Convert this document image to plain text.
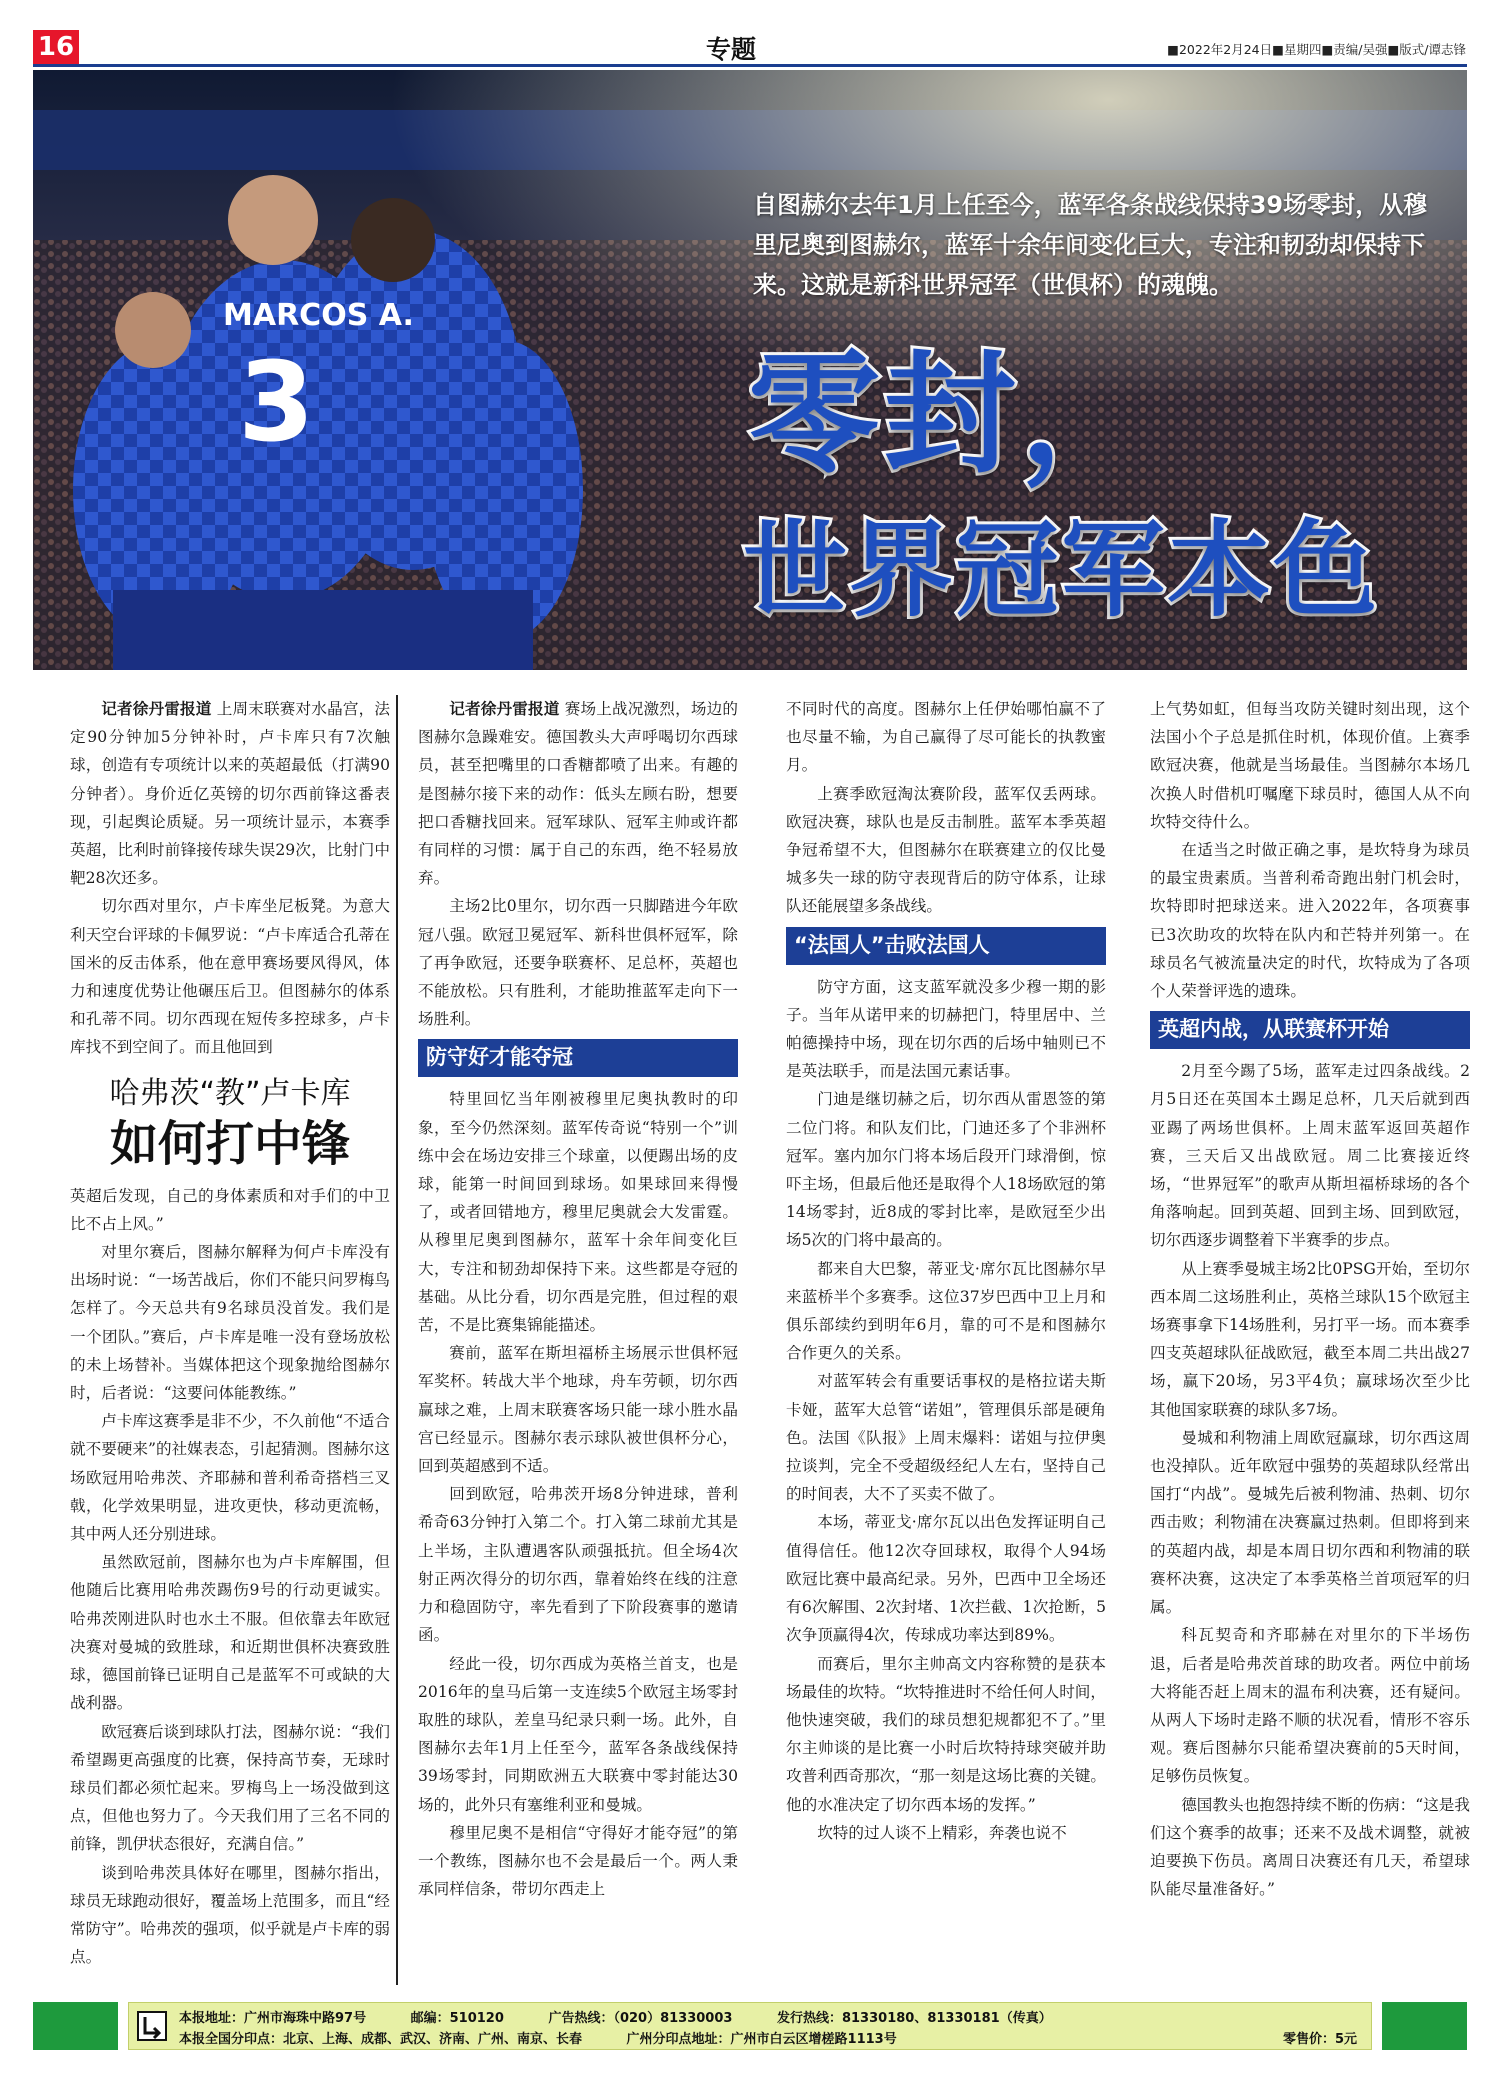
16	专题	■2022年2月24日■星期四■责编/吴强■版式/谭志锋
MARCOS A.
3
自图赫尔去年1月上任至今，蓝军各条战线保持39场零封，从穆里尼奥到图赫尔，蓝军十余年间变化巨大，专注和韧劲却保持下来。这就是新科世界冠军（世俱杯）的魂魄。
零封，
世界冠军本色

记者徐丹雷报道 上周末联赛对水晶宫，法定90分钟加5分钟补时，卢卡库只有7次触球，创造有专项统计以来的英超最低（打满90分钟者）。身价近亿英镑的切尔西前锋这番表现，引起舆论质疑。另一项统计显示，本赛季英超，比利时前锋接传球失误29次，比射门中靶28次还多。

切尔西对里尔，卢卡库坐尼板凳。为意大利天空台评球的卡佩罗说：“卢卡库适合孔蒂在国米的反击体系，他在意甲赛场要风得风，体力和速度优势让他碾压后卫。但图赫尔的体系和孔蒂不同。切尔西现在短传多控球多，卢卡库找不到空间了。而且他回到

哈弗茨“教”卢卡库
如何打中锋

英超后发现，自己的身体素质和对手们的中卫比不占上风。”

对里尔赛后，图赫尔解释为何卢卡库没有出场时说：“一场苦战后，你们不能只问罗梅鸟怎样了。今天总共有9名球员没首发。我们是一个团队。”赛后，卢卡库是唯一没有登场放松的未上场替补。当媒体把这个现象抛给图赫尔时，后者说：“这要问体能教练。”

卢卡库这赛季是非不少，不久前他“不适合就不要硬来”的社媒表态，引起猜测。图赫尔这场欧冠用哈弗茨、齐耶赫和普利希奇搭档三叉戟，化学效果明显，进攻更快，移动更流畅，其中两人还分别进球。

虽然欧冠前，图赫尔也为卢卡库解围，但他随后比赛用哈弗茨踢伤9号的行动更诚实。哈弗茨刚进队时也水土不服。但依靠去年欧冠决赛对曼城的致胜球，和近期世俱杯决赛致胜球，德国前锋已证明自己是蓝军不可或缺的大战利器。

欧冠赛后谈到球队打法，图赫尔说：“我们希望踢更高强度的比赛，保持高节奏，无球时球员们都必须忙起来。罗梅鸟上一场没做到这点，但他也努力了。今天我们用了三名不同的前锋，凯伊状态很好，充满自信。”

谈到哈弗茨具体好在哪里，图赫尔指出，球员无球跑动很好，覆盖场上范围多，而且“经常防守”。哈弗茨的强项，似乎就是卢卡库的弱点。

记者徐丹雷报道 赛场上战况激烈，场边的图赫尔急躁难安。德国教头大声呼喝切尔西球员，甚至把嘴里的口香糖都喷了出来。有趣的是图赫尔接下来的动作：低头左顾右盼，想要把口香糖找回来。冠军球队、冠军主帅或许都有同样的习惯：属于自己的东西，绝不轻易放弃。

主场2比0里尔，切尔西一只脚踏进今年欧冠八强。欧冠卫冕冠军、新科世俱杯冠军，除了再争欧冠，还要争联赛杯、足总杯，英超也不能放松。只有胜利，才能助推蓝军走向下一场胜利。

防守好才能夺冠

特里回忆当年刚被穆里尼奥执教时的印象，至今仍然深刻。蓝军传奇说“特别一个”训练中会在场边安排三个球童，以便踢出场的皮球，能第一时间回到球场。如果球回来得慢了，或者回错地方，穆里尼奥就会大发雷霆。从穆里尼奥到图赫尔，蓝军十余年间变化巨大，专注和韧劲却保持下来。这些都是夺冠的基础。从比分看，切尔西是完胜，但过程的艰苦，不是比赛集锦能描述。

赛前，蓝军在斯坦福桥主场展示世俱杯冠军奖杯。转战大半个地球，舟车劳顿，切尔西赢球之难，上周末联赛客场只能一球小胜水晶宫已经显示。图赫尔表示球队被世俱杯分心，回到英超感到不适。

回到欧冠，哈弗茨开场8分钟进球，普利希奇63分钟打入第二个。打入第二球前尤其是上半场，主队遭遇客队顽强抵抗。但全场4次射正两次得分的切尔西，靠着始终在线的注意力和稳固防守，率先看到了下阶段赛事的邀请函。

经此一役，切尔西成为英格兰首支，也是2016年的皇马后第一支连续5个欧冠主场零封取胜的球队，差皇马纪录只剩一场。此外，自图赫尔去年1月上任至今，蓝军各条战线保持39场零封，同期欧洲五大联赛中零封能达30场的，此外只有塞维利亚和曼城。

穆里尼奥不是相信“守得好才能夺冠”的第一个教练，图赫尔也不会是最后一个。两人秉承同样信条，带切尔西走上

不同时代的高度。图赫尔上任伊始哪怕赢不了也尽量不输，为自己赢得了尽可能长的执教蜜月。

上赛季欧冠淘汰赛阶段，蓝军仅丢两球。欧冠决赛，球队也是反击制胜。蓝军本季英超争冠希望不大，但图赫尔在联赛建立的仅比曼城多失一球的防守表现背后的防守体系，让球队还能展望多条战线。

“法国人”击败法国人

防守方面，这支蓝军就没多少穆一期的影子。当年从诺甲来的切赫把门，特里居中、兰帕德操持中场，现在切尔西的后场中轴则已不是英法联手，而是法国元素话事。

门迪是继切赫之后，切尔西从雷恩签的第二位门将。和队友们比，门迪还多了个非洲杯冠军。塞内加尔门将本场后段开门球滑倒，惊吓主场，但最后他还是取得个人18场欧冠的第14场零封，近8成的零封比率，是欧冠至少出场5次的门将中最高的。

都来自大巴黎，蒂亚戈·席尔瓦比图赫尔早来蓝桥半个多赛季。这位37岁巴西中卫上月和俱乐部续约到明年6月，靠的可不是和图赫尔合作更久的关系。

对蓝军转会有重要话事权的是格拉诺夫斯卡娅，蓝军大总管“诺姐”，管理俱乐部是硬角色。法国《队报》上周末爆料：诺姐与拉伊奥拉谈判，完全不受超级经纪人左右，坚持自己的时间表，大不了买卖不做了。

本场，蒂亚戈·席尔瓦以出色发挥证明自己值得信任。他12次夺回球权，取得个人94场欧冠比赛中最高纪录。另外，巴西中卫全场还有6次解围、2次封堵、1次拦截、1次抢断，5次争顶赢得4次，传球成功率达到89%。

而赛后，里尔主帅高文内容称赞的是获本场最佳的坎特。“坎特推进时不给任何人时间，他快速突破，我们的球员想犯规都犯不了。”里尔主帅谈的是比赛一小时后坎特持球突破并助攻普利西奇那次，“那一刻是这场比赛的关键。他的水准决定了切尔西本场的发挥。”

坎特的过人谈不上精彩，奔袭也说不

上气势如虹，但每当攻防关键时刻出现，这个法国小个子总是抓住时机，体现价值。上赛季欧冠决赛，他就是当场最佳。当图赫尔本场几次换人时借机叮嘱麾下球员时，德国人从不向坎特交待什么。

在适当之时做正确之事，是坎特身为球员的最宝贵素质。当普利希奇跑出射门机会时，坎特即时把球送来。进入2022年，各项赛事已3次助攻的坎特在队内和芒特并列第一。在球员名气被流量决定的时代，坎特成为了各项个人荣誉评选的遗珠。

英超内战，从联赛杯开始

2月至今踢了5场，蓝军走过四条战线。2月5日还在英国本土踢足总杯，几天后就到西亚踢了两场世俱杯。上周末蓝军返回英超作赛，三天后又出战欧冠。周二比赛接近终场，“世界冠军”的歌声从斯坦福桥球场的各个角落响起。回到英超、回到主场、回到欧冠，切尔西逐步调整着下半赛季的步点。

从上赛季曼城主场2比0PSG开始，至切尔西本周二这场胜利止，英格兰球队15个欧冠主场赛事拿下14场胜利，另打平一场。而本赛季四支英超球队征战欧冠，截至本周二共出战27场，赢下20场，另3平4负；赢球场次至少比其他国家联赛的球队多7场。

曼城和利物浦上周欧冠赢球，切尔西这周也没掉队。近年欧冠中强势的英超球队经常出国打“内战”。曼城先后被利物浦、热刺、切尔西击败；利物浦在决赛赢过热刺。但即将到来的英超内战，却是本周日切尔西和利物浦的联赛杯决赛，这决定了本季英格兰首项冠军的归属。

科瓦契奇和齐耶赫在对里尔的下半场伤退，后者是哈弗茨首球的助攻者。两位中前场大将能否赶上周末的温布利决赛，还有疑问。从两人下场时走路不顺的状况看，情形不容乐观。赛后图赫尔只能希望决赛前的5天时间，足够伤员恢复。

德国教头也抱怨持续不断的伤病：“这是我们这个赛季的故事；还来不及战术调整，就被迫要换下伤员。离周日决赛还有几天，希望球队能尽量准备好。”

本报地址：广州市海珠中路97号	邮编：510120	广告热线：（020）81330003	发行热线：81330180、81330181（传真）
本报全国分印点：北京、上海、成都、武汉、济南、广州、南京、长春	广州分印点地址：广州市白云区增槎路1113号	零售价：5元
